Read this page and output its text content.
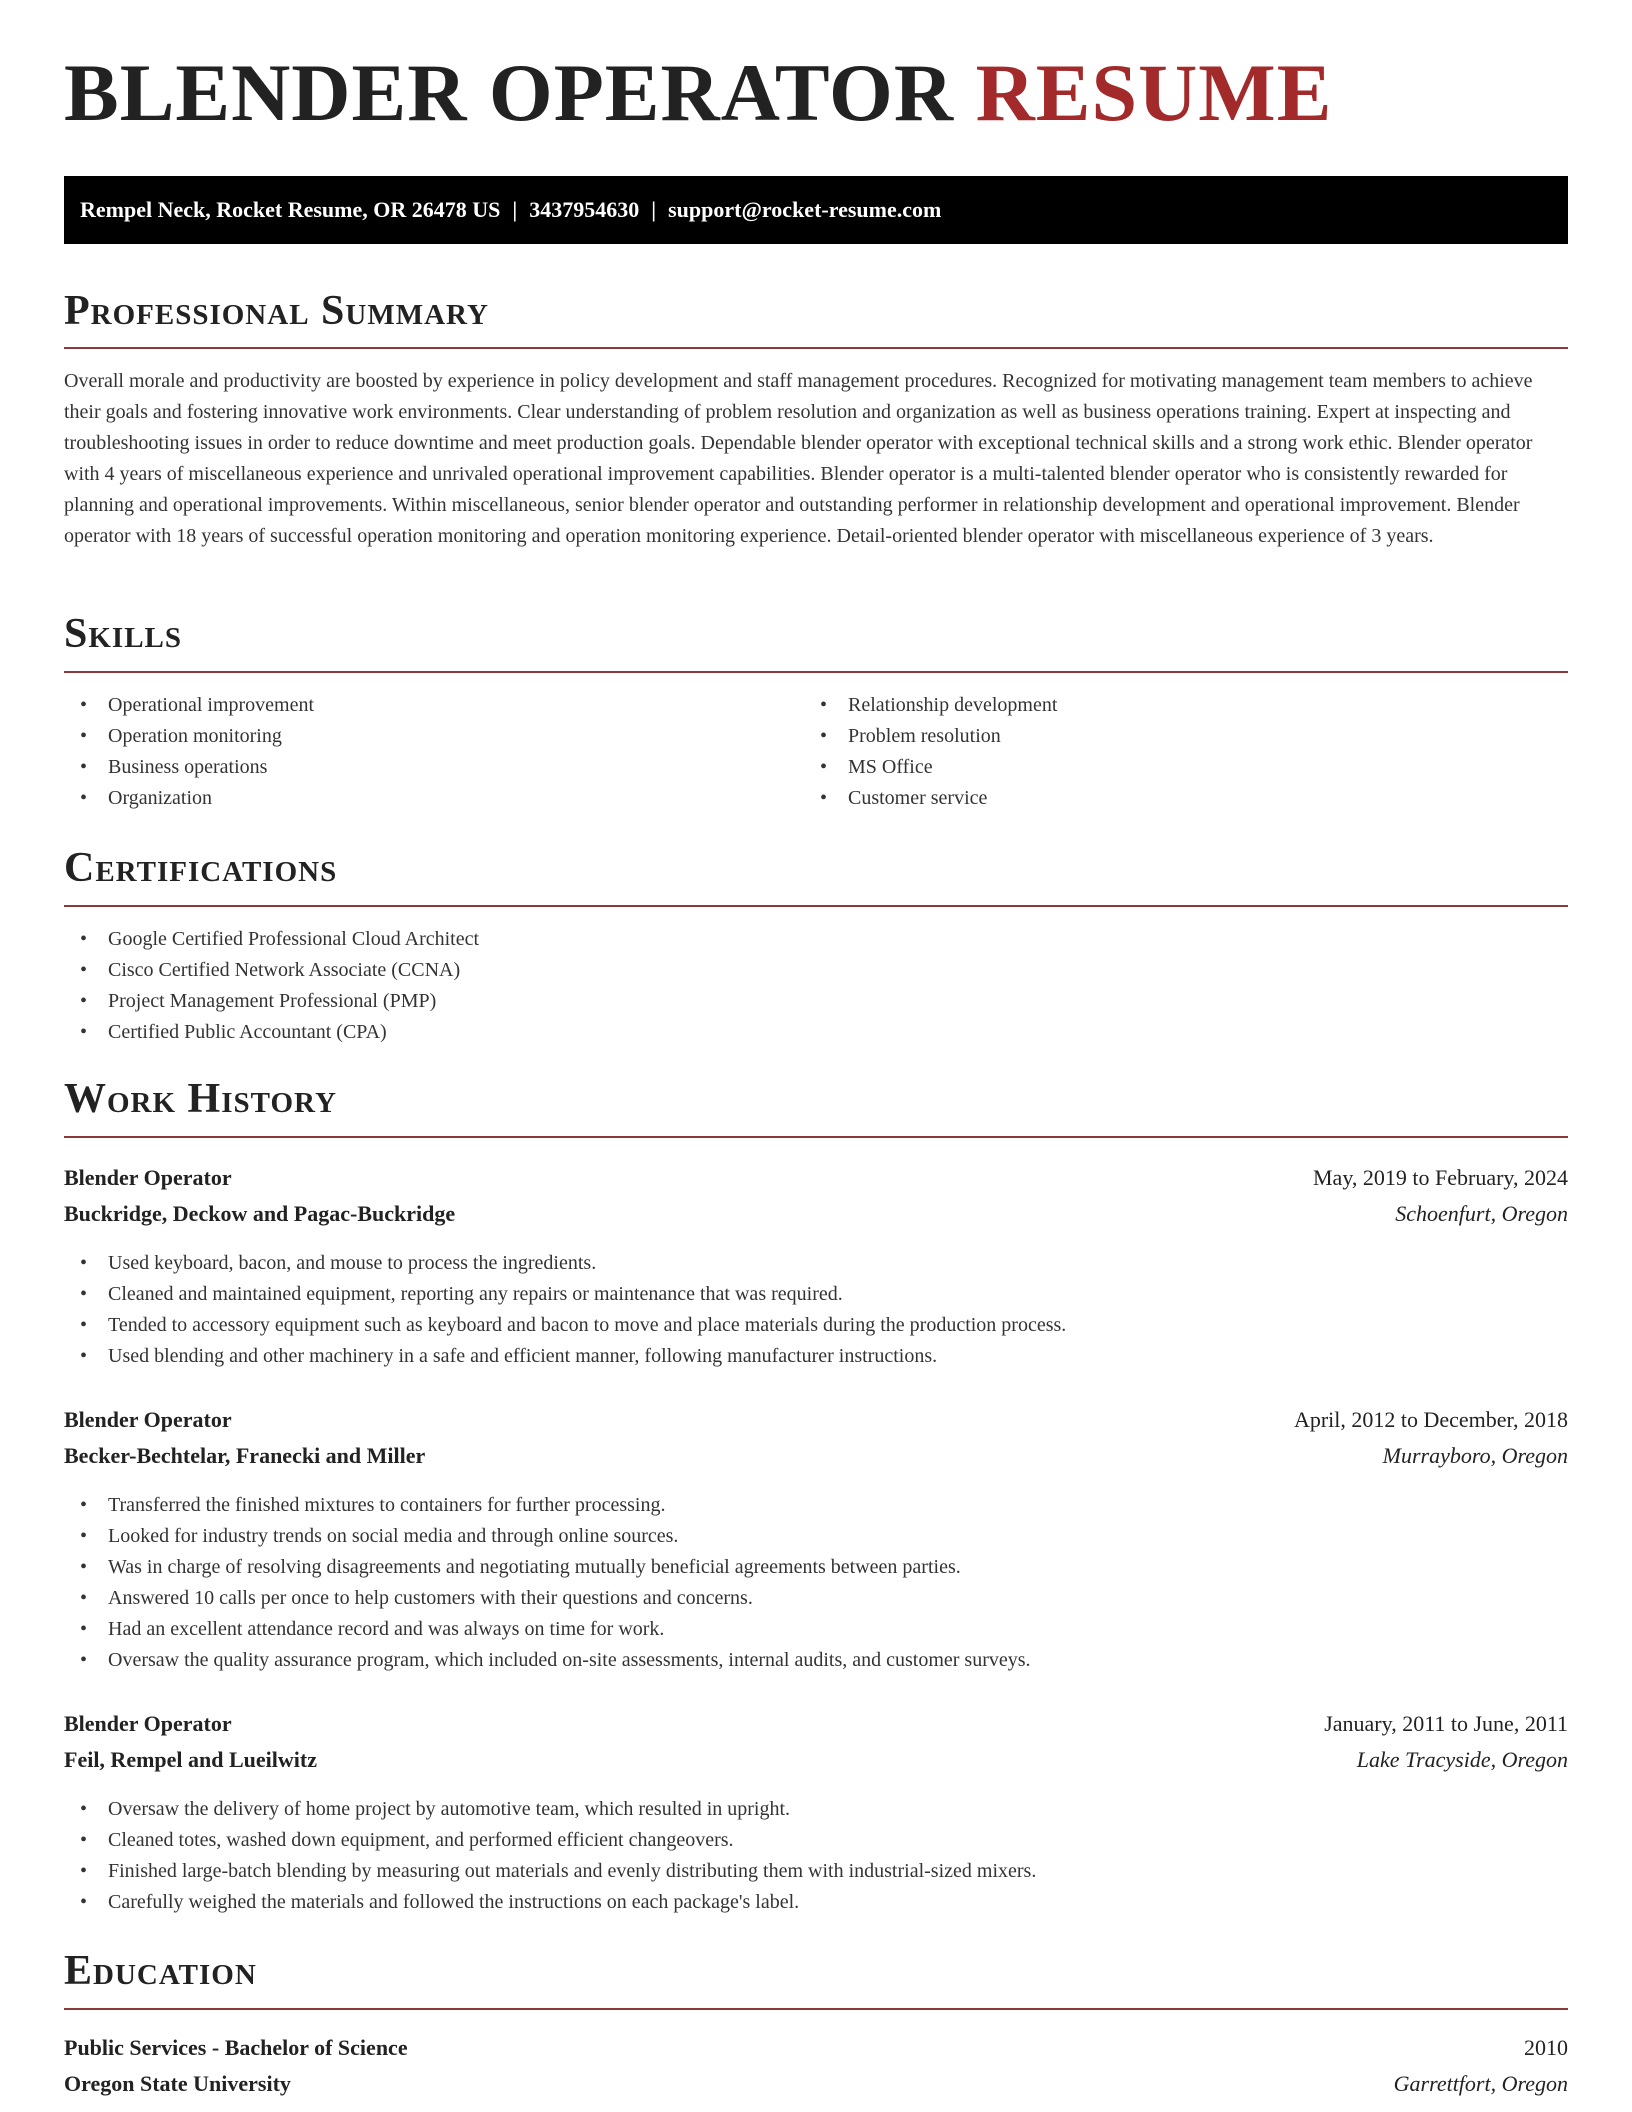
BLENDER OPERATOR RESUME
Rempel Neck, Rocket Resume, OR 26478 US | 3437954630 | support@rocket-resume.com
Professional Summary

Overall morale and productivity are boosted by experience in policy development and staff management procedures. Recognized for motivating management team members to achieve their goals and fostering innovative work environments. Clear understanding of problem resolution and organization as well as business operations training. Expert at inspecting and troubleshooting issues in order to reduce downtime and meet production goals. Dependable blender operator with exceptional technical skills and a strong work ethic. Blender operator with 4 years of miscellaneous experience and unrivaled operational improvement capabilities. Blender operator is a multi-talented blender operator who is consistently rewarded for planning and operational improvements. Within miscellaneous, senior blender operator and outstanding performer in relationship development and operational improvement. Blender operator with 18 years of successful operation monitoring and operation monitoring experience. Detail-oriented blender operator with miscellaneous experience of 3 years.

Skills
• Operational improvement
• Operation monitoring
• Business operations
• Organization
• Relationship development
• Problem resolution
• MS Office
• Customer service
Certifications
• Google Certified Professional Cloud Architect
• Cisco Certified Network Associate (CCNA)
• Project Management Professional (PMP)
• Certified Public Accountant (CPA)
Work History
Blender Operator	May, 2019 to February, 2024
Buckridge, Deckow and Pagac-Buckridge	Schoenfurt, Oregon
• Used keyboard, bacon, and mouse to process the ingredients.
• Cleaned and maintained equipment, reporting any repairs or maintenance that was required.
• Tended to accessory equipment such as keyboard and bacon to move and place materials during the production process.
• Used blending and other machinery in a safe and efficient manner, following manufacturer instructions.
Blender Operator	April, 2012 to December, 2018
Becker-Bechtelar, Franecki and Miller	Murrayboro, Oregon
• Transferred the finished mixtures to containers for further processing.
• Looked for industry trends on social media and through online sources.
• Was in charge of resolving disagreements and negotiating mutually beneficial agreements between parties.
• Answered 10 calls per once to help customers with their questions and concerns.
• Had an excellent attendance record and was always on time for work.
• Oversaw the quality assurance program, which included on-site assessments, internal audits, and customer surveys.
Blender Operator	January, 2011 to June, 2011
Feil, Rempel and Lueilwitz	Lake Tracyside, Oregon
• Oversaw the delivery of home project by automotive team, which resulted in upright.
• Cleaned totes, washed down equipment, and performed efficient changeovers.
• Finished large-batch blending by measuring out materials and evenly distributing them with industrial-sized mixers.
• Carefully weighed the materials and followed the instructions on each package's label.
Education
Public Services - Bachelor of Science	2010
Oregon State University	Garrettfort, Oregon
